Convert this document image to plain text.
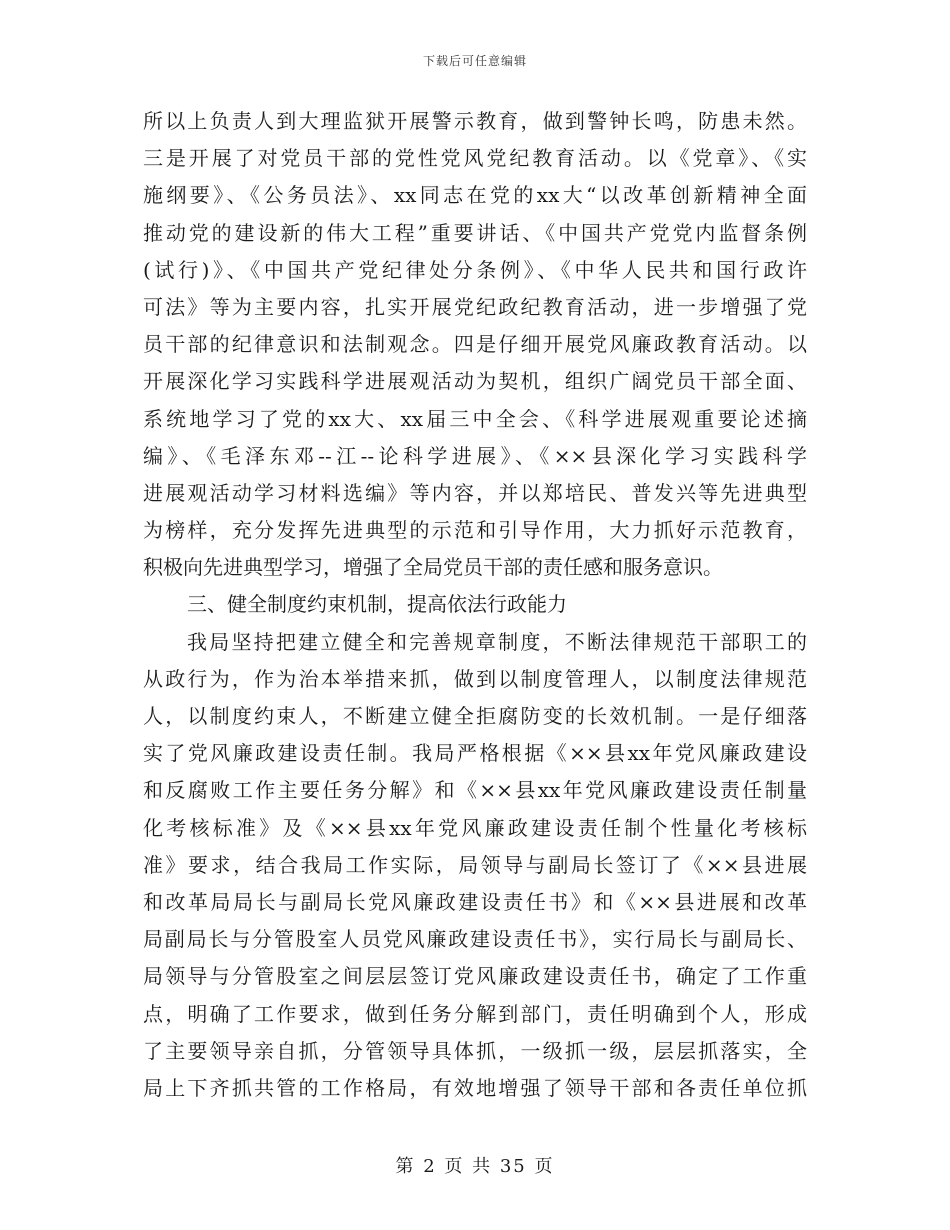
下载后可任意编辑
所以上负责人到大理监狱开展警示教育，做到警钟长鸣，防患未然。
三是开展了对党员干部的党性党风党纪教育活动。以《党章》、《实
施纲要》、《公务员法》、xx同志在党的xx大“以改革创新精神全面
推动党的建设新的伟大工程”重要讲话、《中国共产党党内监督条例
(试行)》、《中国共产党纪律处分条例》、《中华人民共和国行政许
可法》等为主要内容，扎实开展党纪政纪教育活动，进一步增强了党
员干部的纪律意识和法制观念。四是仔细开展党风廉政教育活动。以
开展深化学习实践科学进展观活动为契机，组织广阔党员干部全面、
系统地学习了党的xx大、xx届三中全会、《科学进展观重要论述摘
编》、《毛泽东邓--江--论科学进展》、《××县深化学习实践科学
进展观活动学习材料选编》等内容，并以郑培民、普发兴等先进典型
为榜样，充分发挥先进典型的示范和引导作用，大力抓好示范教育，
积极向先进典型学习，增强了全局党员干部的责任感和服务意识。
三、健全制度约束机制，提高依法行政能力
我局坚持把建立健全和完善规章制度，不断法律规范干部职工的
从政行为，作为治本举措来抓，做到以制度管理人，以制度法律规范
人，以制度约束人，不断建立健全拒腐防变的长效机制。一是仔细落
实了党风廉政建设责任制。我局严格根据《××县xx年党风廉政建设
和反腐败工作主要任务分解》和《××县xx年党风廉政建设责任制量
化考核标准》及《××县xx年党风廉政建设责任制个性量化考核标
准》要求，结合我局工作实际，局领导与副局长签订了《××县进展
和改革局局长与副局长党风廉政建设责任书》和《××县进展和改革
局副局长与分管股室人员党风廉政建设责任书》，实行局长与副局长、
局领导与分管股室之间层层签订党风廉政建设责任书，确定了工作重
点，明确了工作要求，做到任务分解到部门，责任明确到个人，形成
了主要领导亲自抓，分管领导具体抓，一级抓一级，层层抓落实，全
局上下齐抓共管的工作格局，有效地增强了领导干部和各责任单位抓
第 2 页 共 35 页
